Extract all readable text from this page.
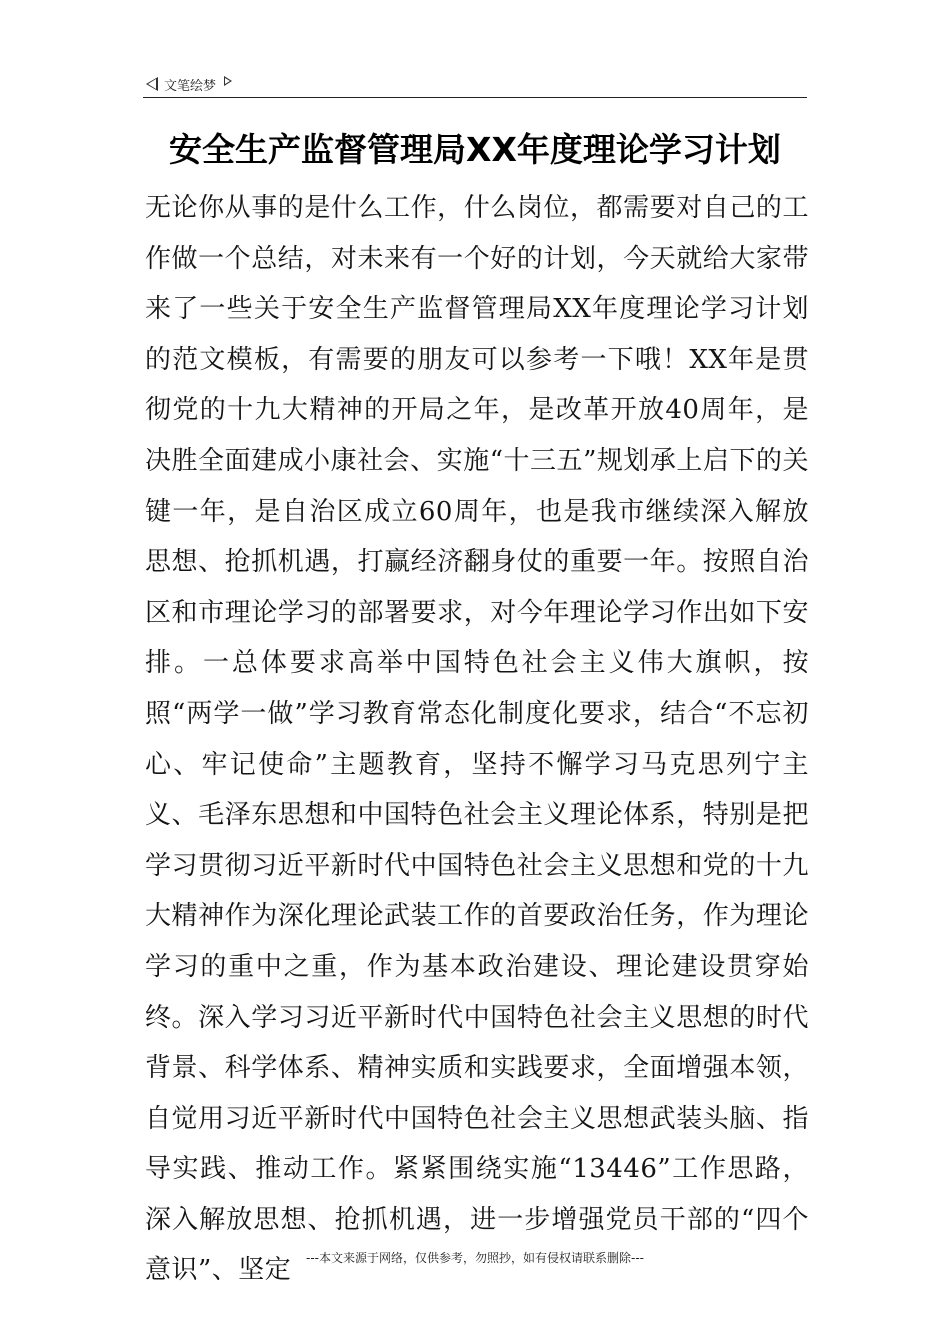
文笔绘梦
安全生产监督管理局XX年度理论学习计划

无论你从事的是什么工作，什么岗位，都需要对自己的工作做一个总结，对未来有一个好的计划，今天就给大家带来了一些关于安全生产监督管理局XX年度理论学习计划的范文模板，有需要的朋友可以参考一下哦！XX年是贯彻党的十九大精神的开局之年，是改革开放40周年，是决胜全面建成小康社会、实施“十三五”规划承上启下的关键一年，是自治区成立60周年，也是我市继续深入解放思想、抢抓机遇，打赢经济翻身仗的重要一年。按照自治区和市理论学习的部署要求，对今年理论学习作出如下安排。一总体要求高举中国特色社会主义伟大旗帜，按照“两学一做”学习教育常态化制度化要求，结合“不忘初心、牢记使命”主题教育，坚持不懈学习马克思列宁主义、毛泽东思想和中国特色社会主义理论体系，特别是把学习贯彻习近平新时代中国特色社会主义思想和党的十九大精神作为深化理论武装工作的首要政治任务，作为理论学习的重中之重，作为基本政治建设、理论建设贯穿始终。深入学习习近平新时代中国特色社会主义思想的时代背景、科学体系、精神实质和实践要求，全面增强本领，自觉用习近平新时代中国特色社会主义思想武装头脑、指导实践、推动工作。紧紧围绕实施“13446”工作思路，深入解放思想、抢抓机遇，进一步增强党员干部的“四个意识”、坚定	---本文来源于网络，仅供参考，勿照抄，如有侵权请联系删除---
